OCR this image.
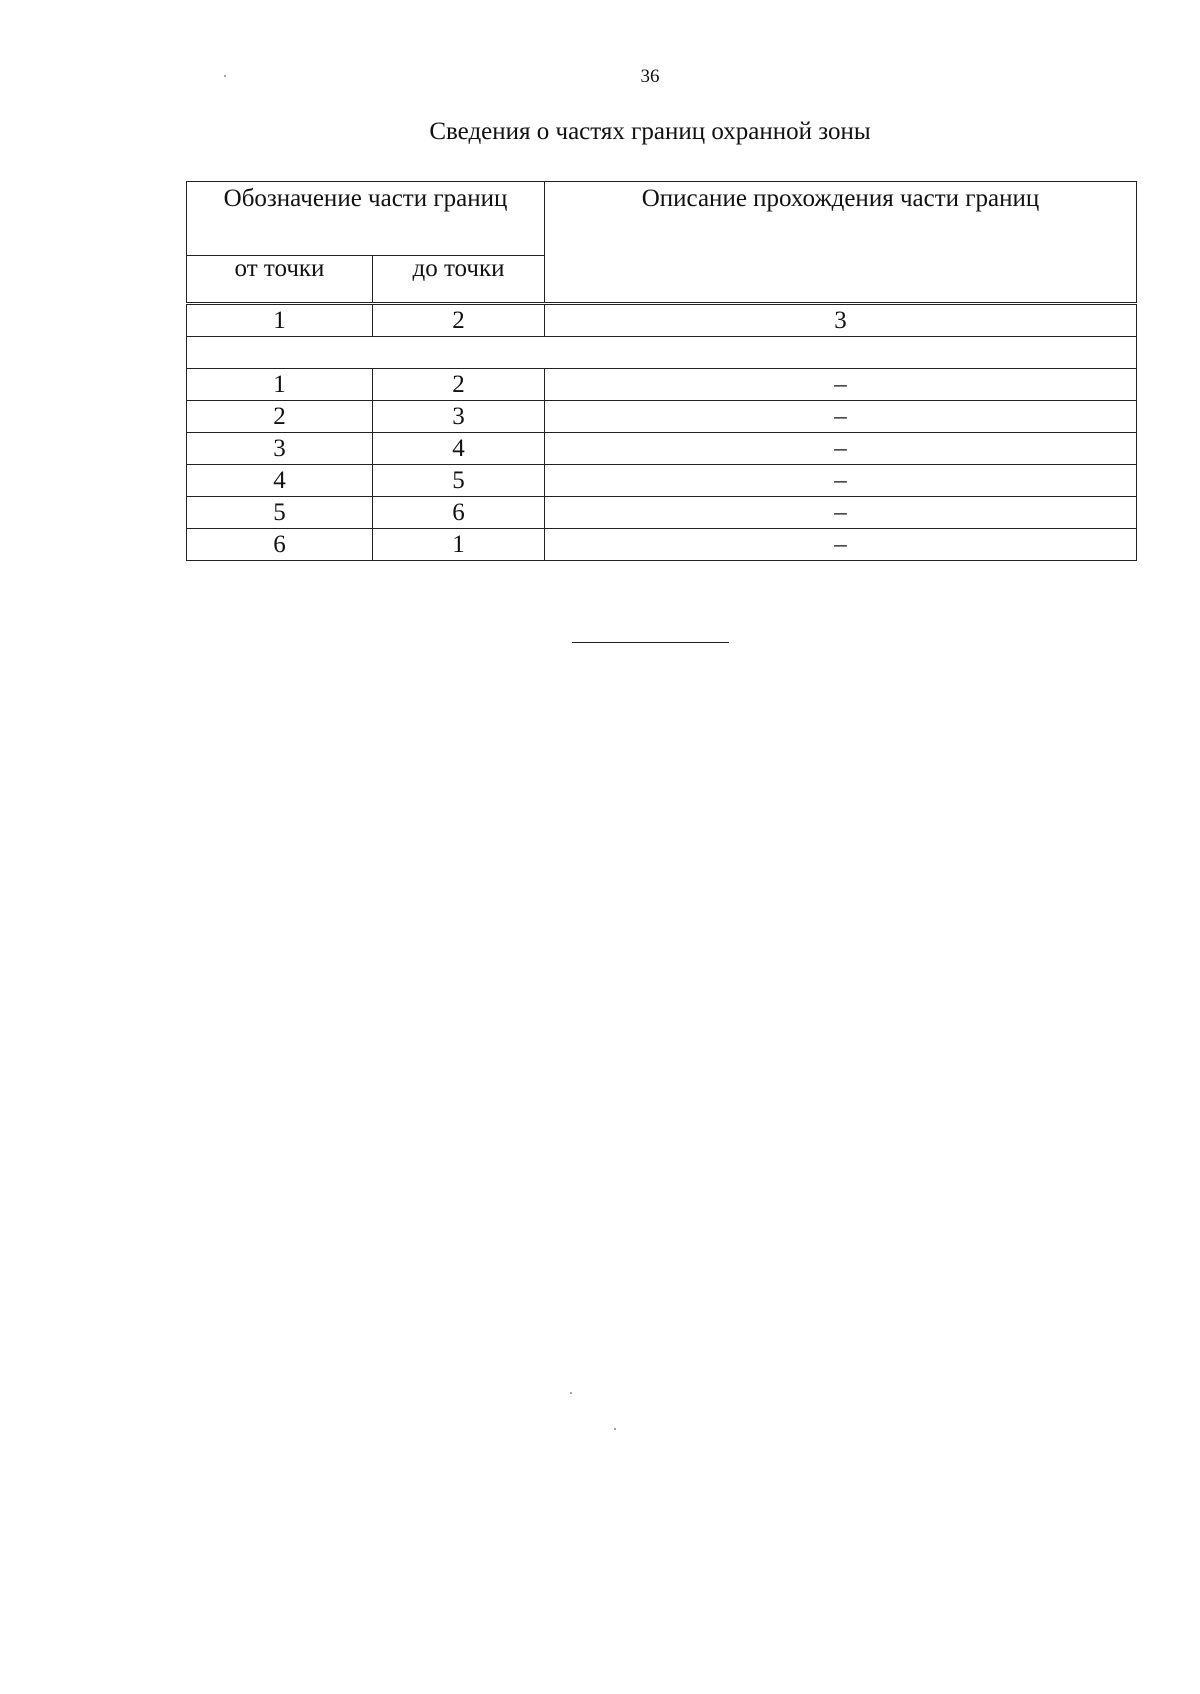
36
Сведения о частях границ охранной зоны
Обозначение части границ		Описание прохождения части границ
от точки	до точки	
1	2	3

1	2	–
2	3	–
3	4	–
4	5	–
5	6	–
6	1	–
